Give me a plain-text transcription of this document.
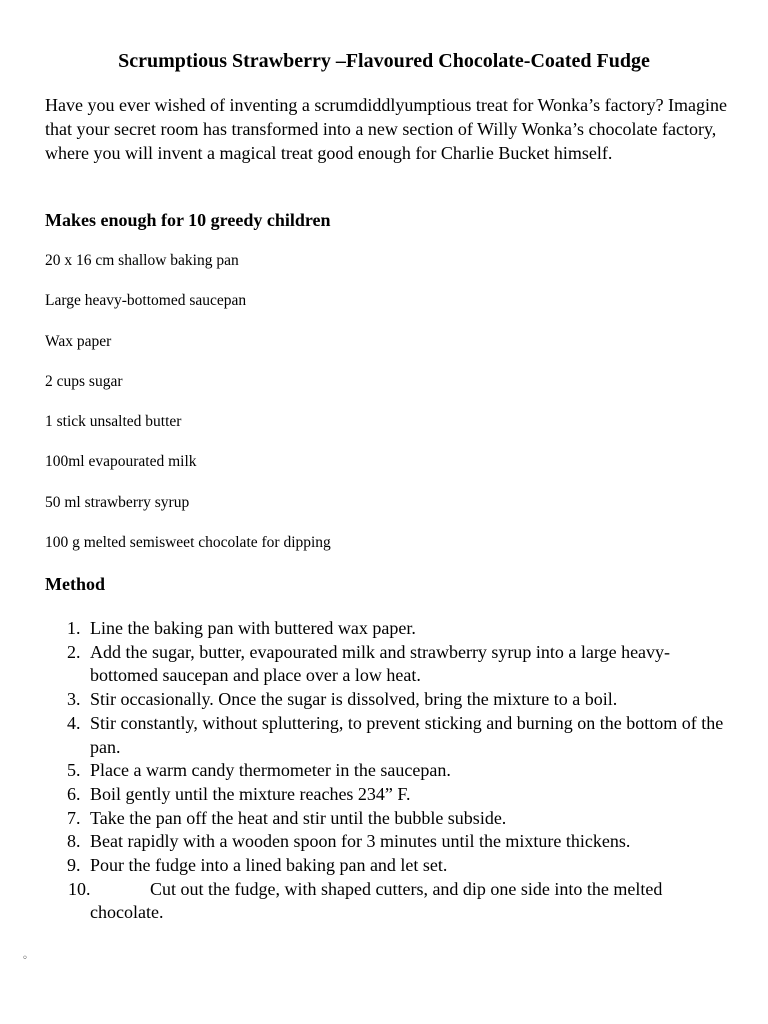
Scrumptious Strawberry –Flavoured Chocolate-Coated Fudge

Have you ever wished of inventing a scrumdiddlyumptious treat for Wonka’s factory? Imagine that your secret room has transformed into a new section of Willy Wonka’s chocolate factory, where you will invent a magical treat good enough for Charlie Bucket himself.

Makes enough for 10 greedy children

20 x 16 cm shallow baking pan
Large heavy-bottomed saucepan
Wax paper
2 cups sugar
1 stick unsalted butter
100ml evapourated milk
50 ml strawberry syrup
100 g melted semisweet chocolate for dipping
Method
1. Line the baking pan with buttered wax paper.
2. Add the sugar, butter, evapourated milk and strawberry syrup into a large heavy-bottomed saucepan and place over a low heat.
3. Stir occasionally. Once the sugar is dissolved, bring the mixture to a boil.
4. Stir constantly, without spluttering, to prevent sticking and burning on the bottom of the pan.
5. Place a warm candy thermometer in the saucepan.
6. Boil gently until the mixture reaches 234” F.
7. Take the pan off the heat and stir until the bubble subside.
8. Beat rapidly with a wooden spoon for 3 minutes until the mixture thickens.
9. Pour the fudge into a lined baking pan and let set.
10.	Cut out the fudge, with shaped cutters, and dip one side into the melted chocolate.
◦
